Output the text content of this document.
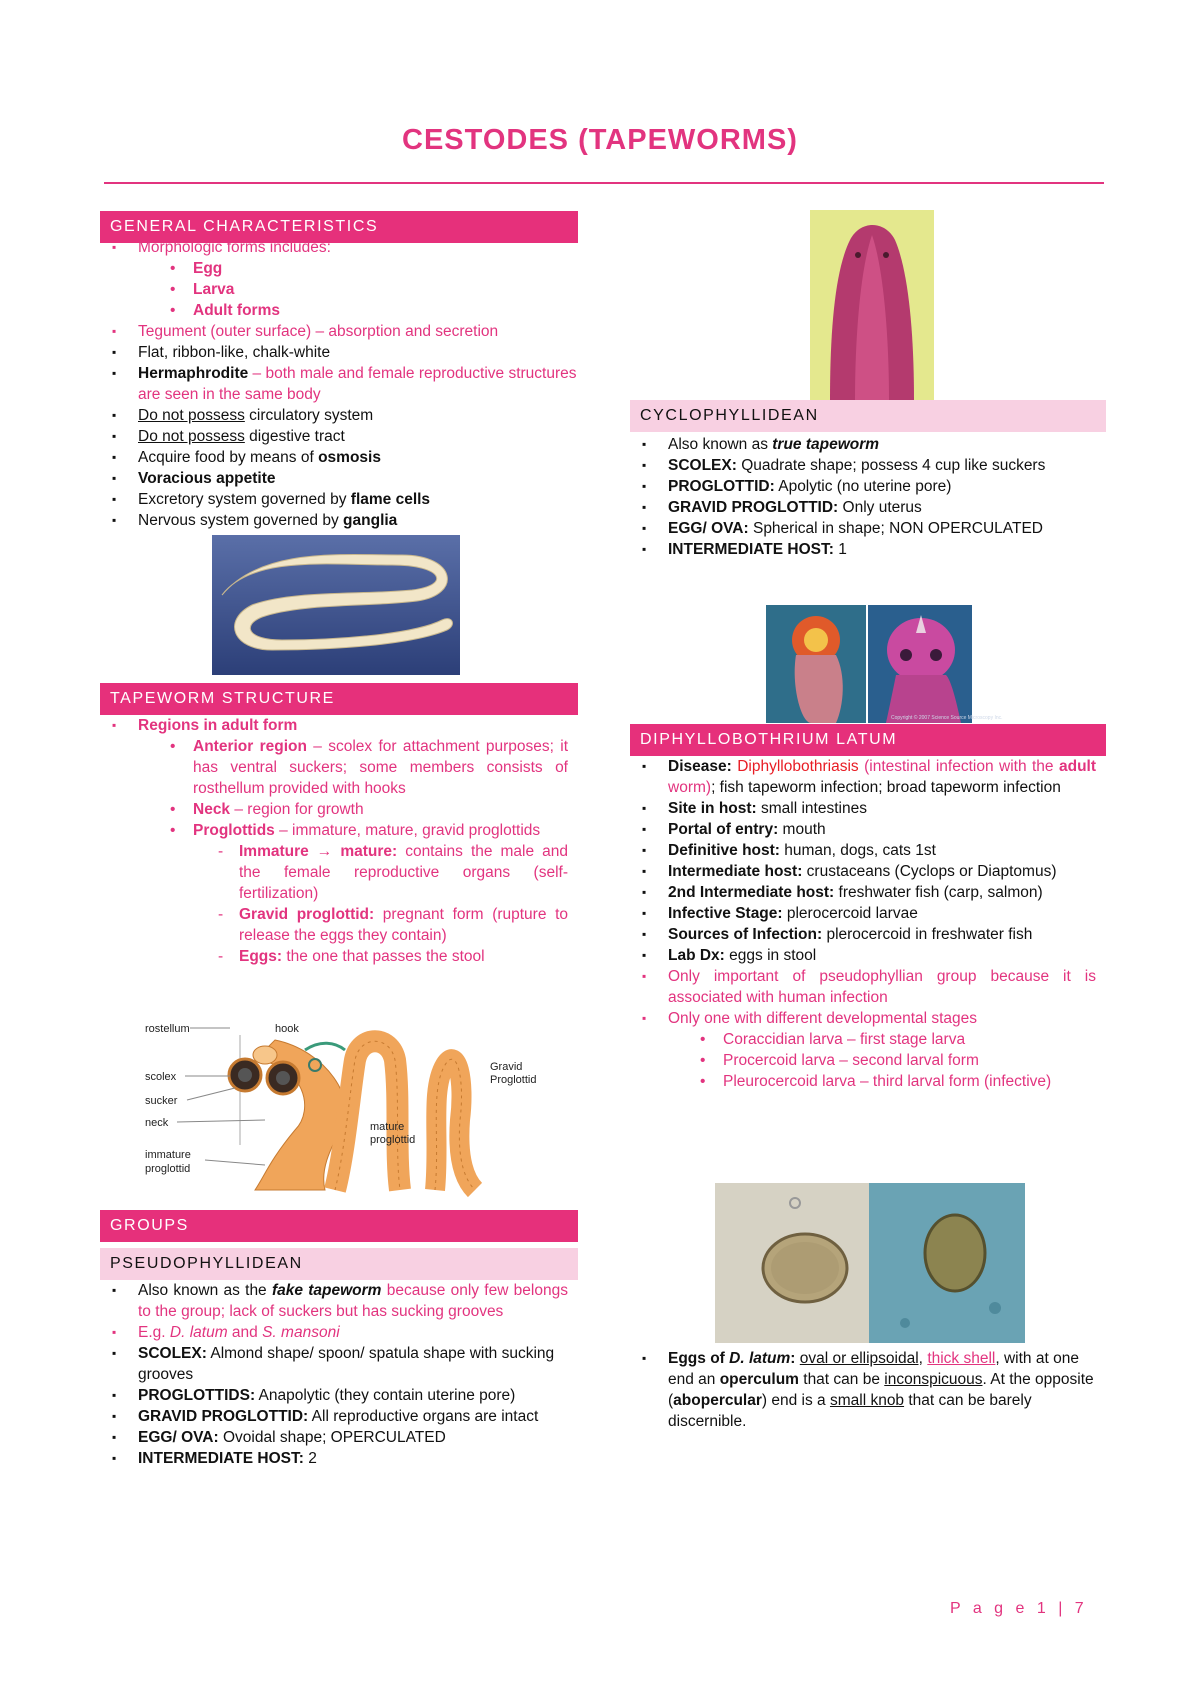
CESTODES (TAPEWORMS)
GENERAL CHARACTERISTICS
▪ Morphologic forms includes:
• Egg
• Larva
• Adult forms
▪ Tegument (outer surface) – absorption and secretion
▪ Flat, ribbon-like, chalk-white
▪ Hermaphrodite – both male and female reproductive structures are seen in the same body
▪ Do not possess circulatory system
▪ Do not possess digestive tract
▪ Acquire food by means of osmosis
▪ Voracious appetite
▪ Excretory system governed by flame cells
▪ Nervous system governed by ganglia
TAPEWORM STRUCTURE
▪ Regions in adult form
• Anterior region – scolex for attachment purposes; it has ventral suckers; some members consists of rosthellum provided with hooks
• Neck – region for growth
• Proglottids – immature, mature, gravid proglottids
- Immature → mature: contains the male and the female reproductive organs (self-fertilization)
- Gravid proglottid: pregnant form (rupture to release the eggs they contain)
- Eggs: the one that passes the stool
rostellum	hook
scolex
sucker
neck
immature
proglottid
mature
proglottid
Gravid
Proglottid
GROUPS
PSEUDOPHYLLIDEAN
▪ Also known as the fake tapeworm because only few belongs to the group; lack of suckers but has sucking grooves
▪ E.g. D. latum and S. mansoni
▪ SCOLEX: Almond shape/ spoon/ spatula shape with sucking grooves
▪ PROGLOTTIDS: Anapolytic (they contain uterine pore)
▪ GRAVID PROGLOTTID: All reproductive organs are intact
▪ EGG/ OVA: Ovoidal shape; OPERCULATED
▪ INTERMEDIATE HOST: 2
CYCLOPHYLLIDEAN
▪ Also known as true tapeworm
▪ SCOLEX: Quadrate shape; possess 4 cup like suckers
▪ PROGLOTTID: Apolytic (no uterine pore)
▪ GRAVID PROGLOTTID: Only uterus
▪ EGG/ OVA: Spherical in shape; NON OPERCULATED
▪ INTERMEDIATE HOST: 1
Copyright © 2007 Science Source Microscopy Inc.
DIPHYLLOBOTHRIUM LATUM
▪ Disease: Diphyllobothriasis (intestinal infection with the adult worm); fish tapeworm infection; broad tapeworm infection
▪ Site in host: small intestines
▪ Portal of entry: mouth
▪ Definitive host: human, dogs, cats 1st
▪ Intermediate host: crustaceans (Cyclops or Diaptomus)
▪ 2nd Intermediate host: freshwater fish (carp, salmon)
▪ Infective Stage: plerocercoid larvae
▪ Sources of Infection: plerocercoid in freshwater fish
▪ Lab Dx: eggs in stool
▪ Only important of pseudophyllian group because it is associated with human infection
▪ Only one with different developmental stages
• Coraccidian larva – first stage larva
• Procercoid larva – second larval form
• Pleurocercoid larva – third larval form (infective)
▪ Eggs of D. latum: oval or ellipsoidal, thick shell, with at one end an operculum that can be inconspicuous. At the opposite (abopercular) end is a small knob that can be barely discernible.
P a g e 1 | 7
